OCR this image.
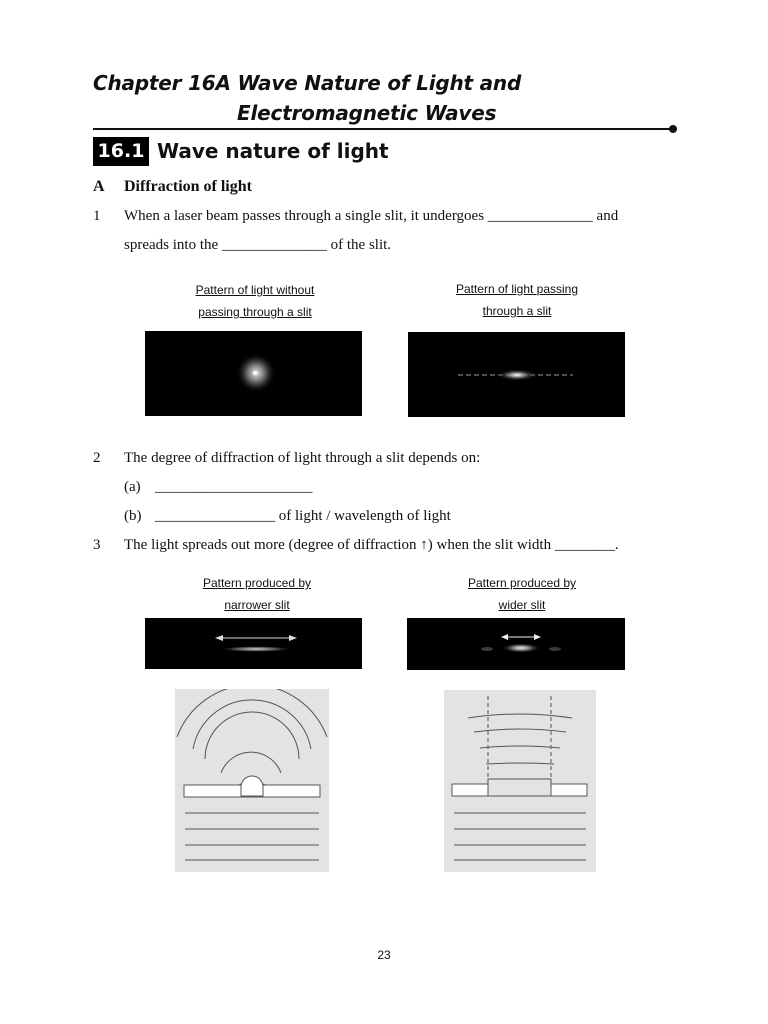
Chapter 16A Wave Nature of Light and
Electromagnetic Waves
16.1 Wave nature of light
A Diffraction of light
1 When a laser beam passes through a single slit, it undergoes ______________ and
spreads into the ______________ of the slit.
Pattern of light without
passing through a slit
Pattern of light passing
through a slit
2 The degree of diffraction of light through a slit depends on:
(a) _____________________
(b) ________________ of light / wavelength of light
3 The light spreads out more (degree of diffraction ↑) when the slit width ________.
Pattern produced by
narrower slit
Pattern produced by
wider slit
23
